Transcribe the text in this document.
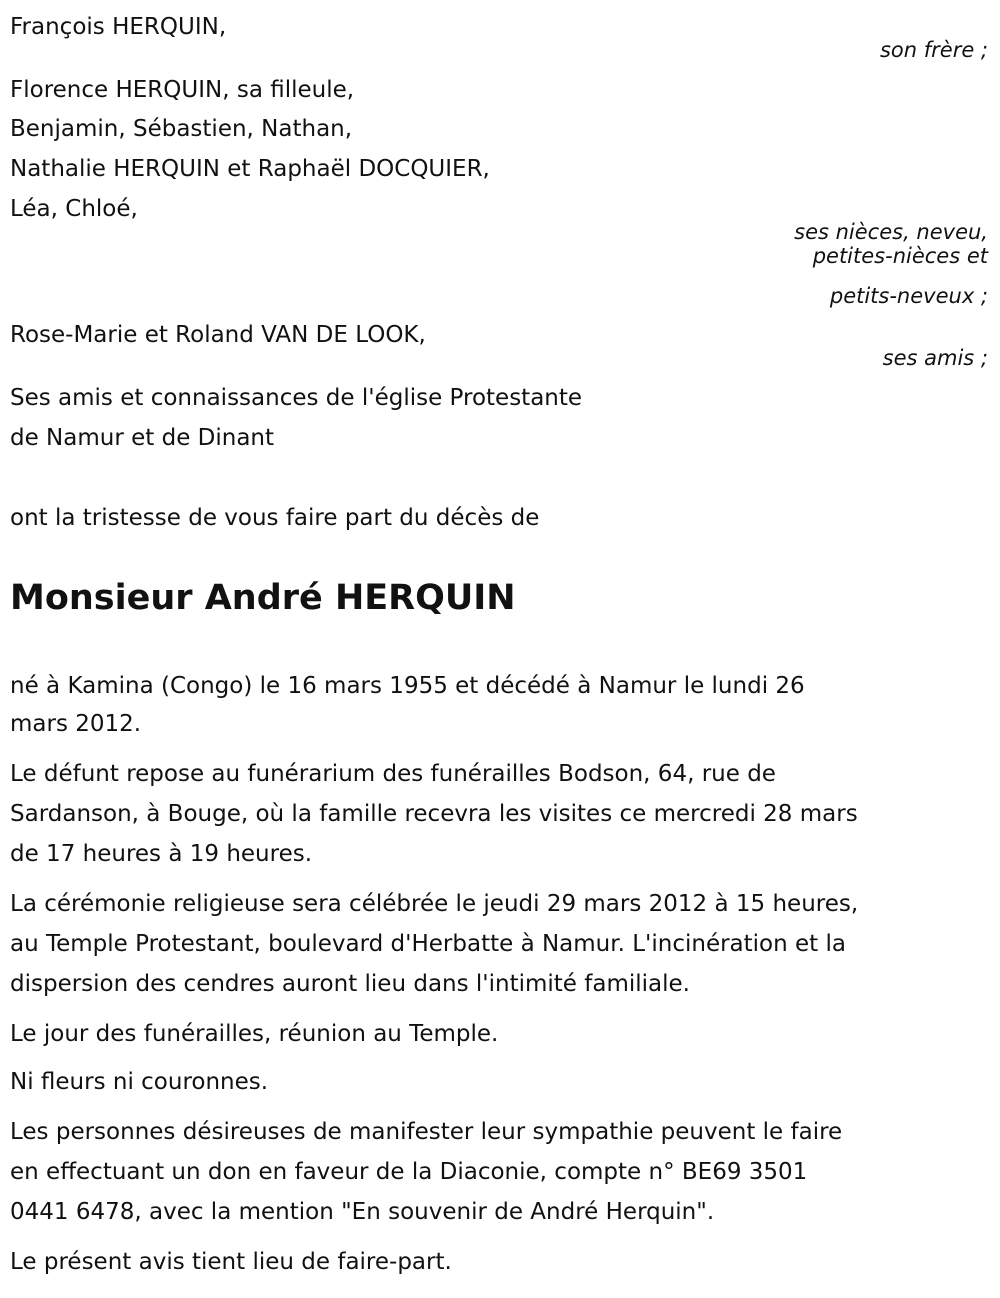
François HERQUIN,
son frère ;
Florence HERQUIN, sa filleule,
Benjamin, Sébastien, Nathan,
Nathalie HERQUIN et Raphaël DOCQUIER,
Léa, Chloé,
ses nièces, neveu,
petites-nièces et
petits-neveux ;
Rose-Marie et Roland VAN DE LOOK,
ses amis ;
Ses amis et connaissances de l'église Protestante
de Namur et de Dinant
ont la tristesse de vous faire part du décès de
Monsieur André HERQUIN
né à Kamina (Congo) le 16 mars 1955 et décédé à Namur le lundi 26
mars 2012.
Le défunt repose au funérarium des funérailles Bodson, 64, rue de
Sardanson, à Bouge, où la famille recevra les visites ce mercredi 28 mars
de 17 heures à 19 heures.
La cérémonie religieuse sera célébrée le jeudi 29 mars 2012 à 15 heures,
au Temple Protestant, boulevard d'Herbatte à Namur. L'incinération et la
dispersion des cendres auront lieu dans l'intimité familiale.
Le jour des funérailles, réunion au Temple.
Ni fleurs ni couronnes.
Les personnes désireuses de manifester leur sympathie peuvent le faire
en effectuant un don en faveur de la Diaconie, compte n° BE69 3501
0441 6478, avec la mention "En souvenir de André Herquin".
Le présent avis tient lieu de faire-part.
